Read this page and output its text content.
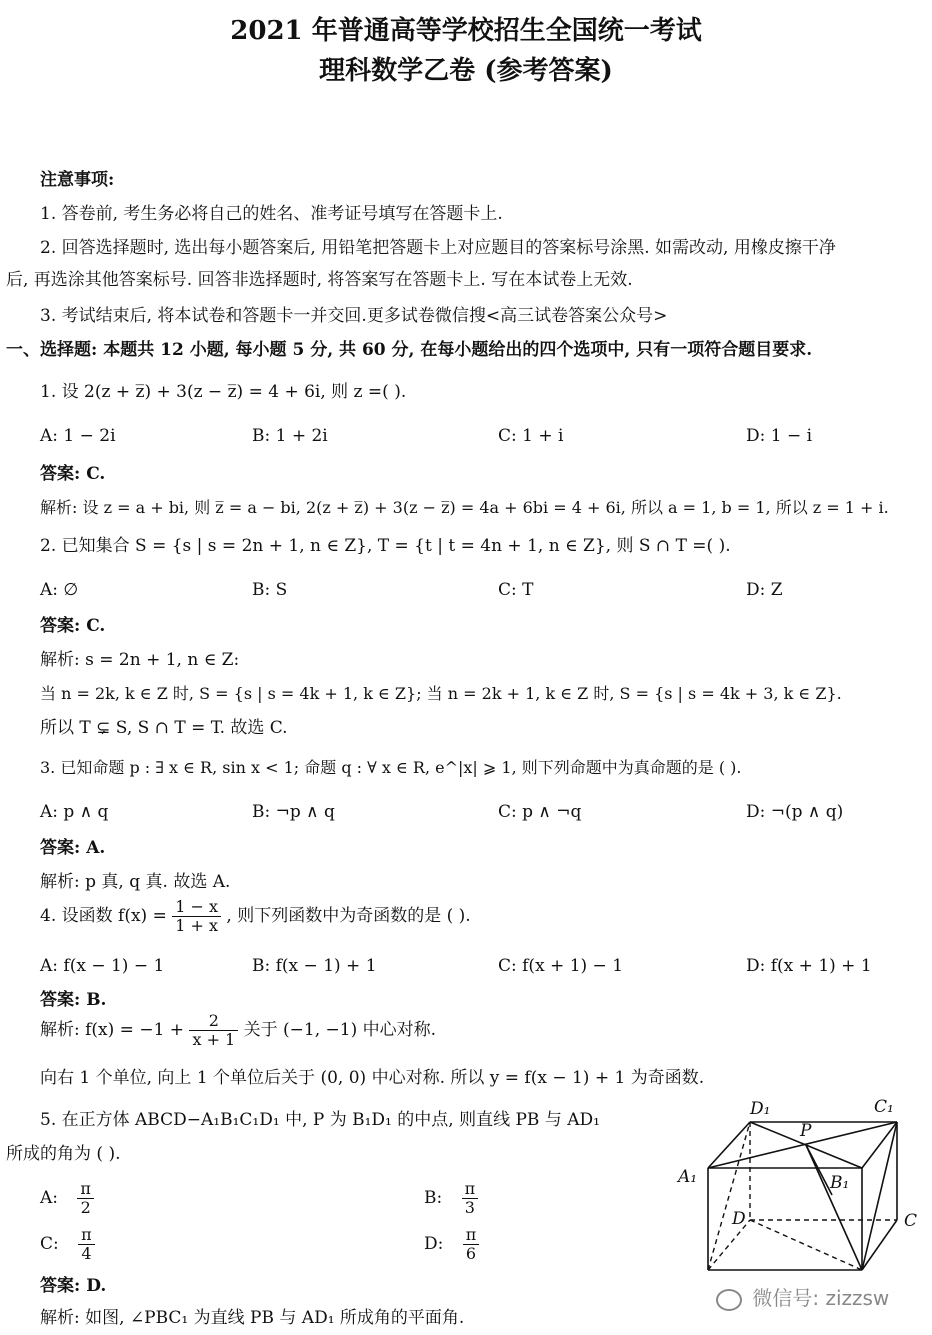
2021 年普通高等学校招生全国统一考试
理科数学乙卷 (参考答案)
注意事项:
1. 答卷前, 考生务必将自己的姓名、准考证号填写在答题卡上.
2. 回答选择题时, 选出每小题答案后, 用铅笔把答题卡上对应题目的答案标号涂黑. 如需改动, 用橡皮擦干净
后, 再选涂其他答案标号. 回答非选择题时, 将答案写在答题卡上. 写在本试卷上无效.
3. 考试结束后, 将本试卷和答题卡一并交回.更多试卷微信搜<高三试卷答案公众号>
一、选择题: 本题共 12 小题, 每小题 5 分, 共 60 分, 在每小题给出的四个选项中, 只有一项符合题目要求.
1. 设 2(z + z̅) + 3(z − z̅) = 4 + 6i, 则 z =( ).
A: 1 − 2i	B: 1 + 2i	C: 1 + i	D: 1 − i
答案: C.
解析: 设 z = a + bi, 则 z̅ = a − bi, 2(z + z̅) + 3(z − z̅) = 4a + 6bi = 4 + 6i, 所以 a = 1, b = 1, 所以 z = 1 + i.
2. 已知集合 S = {s | s = 2n + 1, n ∈ Z}, T = {t | t = 4n + 1, n ∈ Z}, 则 S ∩ T =( ).
A: ∅	B: S	C: T	D: Z
答案: C.
解析: s = 2n + 1, n ∈ Z:
当 n = 2k, k ∈ Z 时, S = {s | s = 4k + 1, k ∈ Z}; 当 n = 2k + 1, k ∈ Z 时, S = {s | s = 4k + 3, k ∈ Z}.
所以 T ⊊ S, S ∩ T = T. 故选 C.
3. 已知命题 p : ∃ x ∈ R, sin x < 1; 命题 q : ∀ x ∈ R, e^|x| ⩾ 1, 则下列命题中为真命题的是 ( ).
A: p ∧ q	B: ¬p ∧ q	C: p ∧ ¬q	D: ¬(p ∧ q)
答案: A.
解析: p 真, q 真. 故选 A.
4. 设函数 $f(x) = \frac{1 - x}{1 + x}$ , 则下列函数中为奇函数的是 ( ).
A: f(x − 1) − 1	B: f(x − 1) + 1	C: f(x + 1) − 1	D: f(x + 1) + 1
答案: B.
解析: $f(x) = -1 + \frac{2}{x + 1}$ 关于 (−1, −1) 中心对称.
向右 1 个单位, 向上 1 个单位后关于 (0, 0) 中心对称. 所以 y = f(x − 1) + 1 为奇函数.
5. 在正方体 ABCD−A₁B₁C₁D₁ 中, P 为 B₁D₁ 的中点, 则直线 PB 与 AD₁
所成的角为 ( ).
A: $\frac{\pi}{2}$	B: $\frac{\pi}{3}$
C: $\frac{\pi}{4}$	D: $\frac{\pi}{6}$
答案: D.
解析: 如图, ∠PBC₁ 为直线 PB 与 AD₁ 所成角的平面角.
D₁	C₁
P
A₁	B₁
D	C
微信号: zizzsw
